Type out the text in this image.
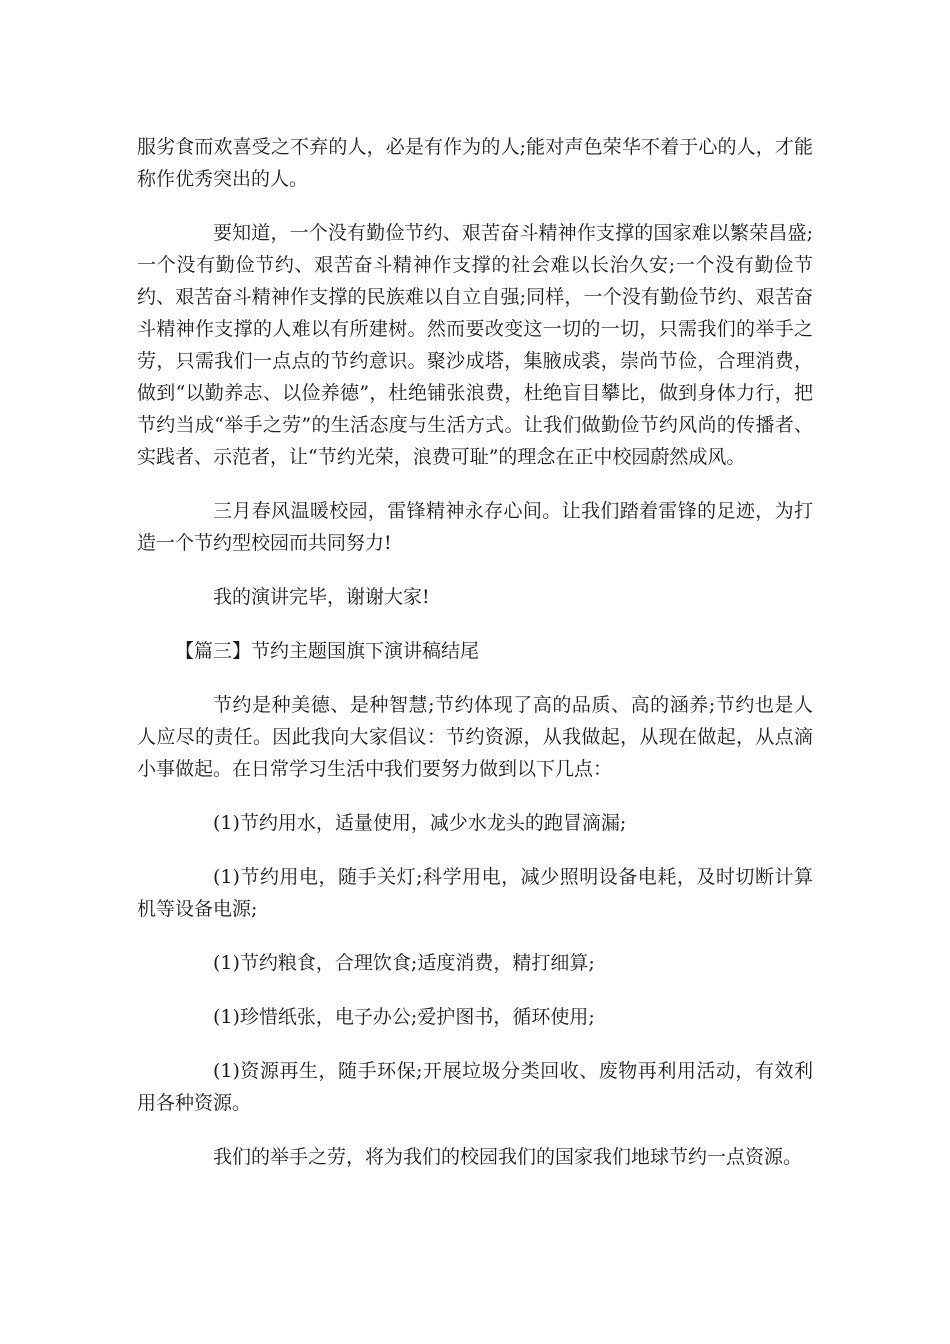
服劣食而欢喜受之不弃的人，必是有作为的人;能对声色荣华不着于心的人，才能称作优秀突出的人。

要知道，一个没有勤俭节约、艰苦奋斗精神作支撑的国家难以繁荣昌盛;一个没有勤俭节约、艰苦奋斗精神作支撑的社会难以长治久安;一个没有勤俭节约、艰苦奋斗精神作支撑的民族难以自立自强;同样，一个没有勤俭节约、艰苦奋斗精神作支撑的人难以有所建树。然而要改变这一切的一切，只需我们的举手之劳，只需我们一点点的节约意识。聚沙成塔，集腋成裘，崇尚节俭，合理消费，做到“以勤养志、以俭养德”，杜绝铺张浪费，杜绝盲目攀比，做到身体力行，把节约当成“举手之劳”的生活态度与生活方式。让我们做勤俭节约风尚的传播者、实践者、示范者，让“节约光荣，浪费可耻”的理念在正中校园蔚然成风。

三月春风温暖校园，雷锋精神永存心间。让我们踏着雷锋的足迹，为打造一个节约型校园而共同努力!

我的演讲完毕，谢谢大家!

【篇三】节约主题国旗下演讲稿结尾

节约是种美德、是种智慧;节约体现了高的品质、高的涵养;节约也是人人应尽的责任。因此我向大家倡议：节约资源，从我做起，从现在做起，从点滴小事做起。在日常学习生活中我们要努力做到以下几点：

(1)节约用水，适量使用，减少水龙头的跑冒滴漏;

(1)节约用电，随手关灯;科学用电，减少照明设备电耗，及时切断计算机等设备电源;

(1)节约粮食，合理饮食;适度消费，精打细算;

(1)珍惜纸张，电子办公;爱护图书，循环使用;

(1)资源再生，随手环保;开展垃圾分类回收、废物再利用活动，有效利用各种资源。

我们的举手之劳，将为我们的校园我们的国家我们地球节约一点资源。
